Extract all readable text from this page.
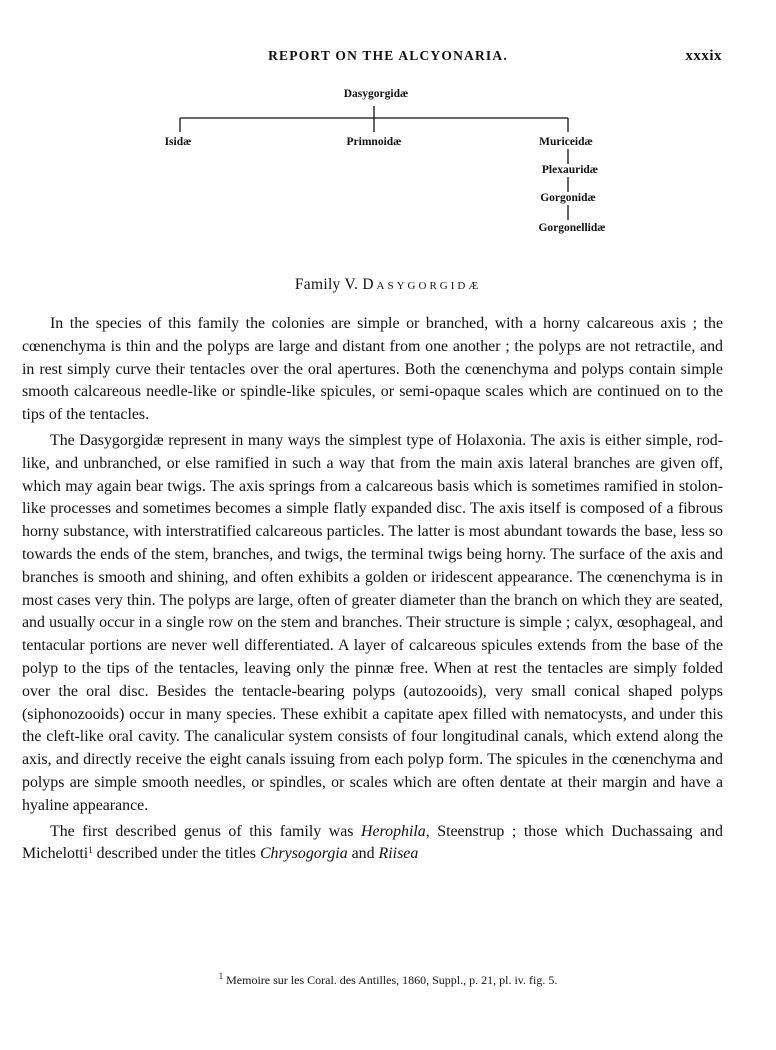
REPORT ON THE ALCYONARIA.	xxxix
Dasygorgidæ
Isidæ	Primnoidæ	Muriceidæ
Plexauridæ
Gorgonidæ
Gorgonellidæ
Family V. Dasygorgidæ

In the species of this family the colonies are simple or branched, with a horny calcareous axis ; the cœnenchyma is thin and the polyps are large and distant from one another ; the polyps are not retractile, and in rest simply curve their tentacles over the oral apertures. Both the cœnenchyma and polyps contain simple smooth calcareous needle-like or spindle-like spicules, or semi-opaque scales which are continued on to the tips of the tentacles.

The Dasygorgidæ represent in many ways the simplest type of Holaxonia. The axis is either simple, rod-like, and unbranched, or else ramified in such a way that from the main axis lateral branches are given off, which may again bear twigs. The axis springs from a calcareous basis which is sometimes ramified in stolon-like processes and sometimes becomes a simple flatly expanded disc. The axis itself is composed of a fibrous horny substance, with interstratified calcareous particles. The latter is most abundant towards the base, less so towards the ends of the stem, branches, and twigs, the terminal twigs being horny. The surface of the axis and branches is smooth and shining, and often exhibits a golden or iridescent appearance. The cœnenchyma is in most cases very thin. The polyps are large, often of greater diameter than the branch on which they are seated, and usually occur in a single row on the stem and branches. Their structure is simple ; calyx, œsophageal, and tentacular portions are never well differentiated. A layer of calcareous spicules extends from the base of the polyp to the tips of the tentacles, leaving only the pinnæ free. When at rest the tentacles are simply folded over the oral disc. Besides the tentacle-bearing polyps (autozooids), very small conical shaped polyps (siphonozooids) occur in many species. These exhibit a capitate apex filled with nematocysts, and under this the cleft-like oral cavity. The canalicular system consists of four longitudinal canals, which extend along the axis, and directly receive the eight canals issuing from each polyp form. The spicules in the cœnenchyma and polyps are simple smooth needles, or spindles, or scales which are often dentate at their margin and have a hyaline appearance.

The first described genus of this family was Herophila, Steenstrup ; those which Duchassaing and Michelotti$^1$ described under the titles Chrysogorgia and Riisea

$^1$ Memoire sur les Coral. des Antilles, 1860, Suppl., p. 21, pl. iv. fig. 5.
